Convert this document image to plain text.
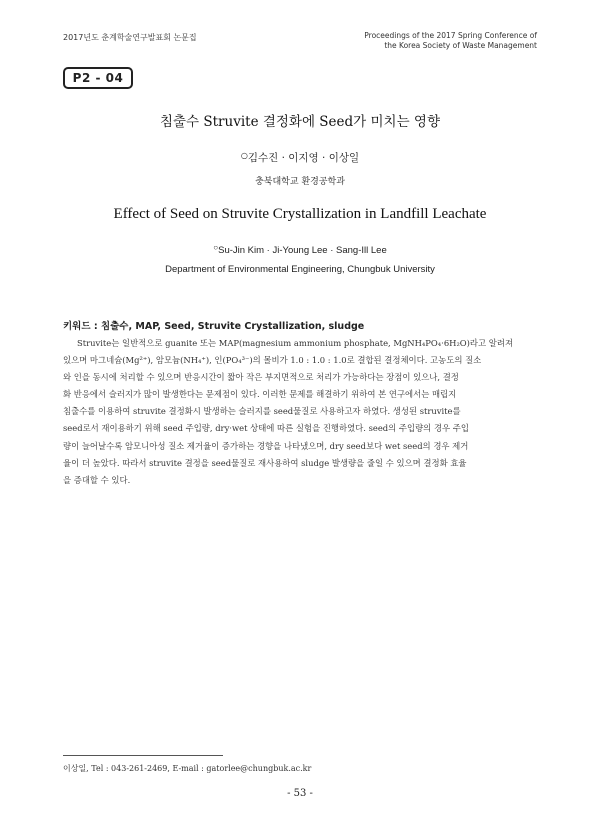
2017년도 춘계학술연구발표회 논문집	Proceedings of the 2017 Spring Conference of
the Korea Society of Waste Management
P2 - 04
침출수 Struvite 결정화에 Seed가 미치는 영향
○김수진 · 이지영 · 이상일
충북대학교 환경공학과
Effect of Seed on Struvite Crystallization in Landfill Leachate
○Su-Jin Kim · Ji-Young Lee · Sang-Ill Lee
Department of Environmental Engineering, Chungbuk University
키워드 : 침출수, MAP, Seed, Struvite Crystallization, sludge
Struvite는 일반적으로 guanite 또는 MAP(magnesium ammonium phosphate, MgNH₄PO₄·6H₂O)라고 알려져
있으며 마그네슘(Mg²⁺), 암모늄(NH₄⁺), 인(PO₄³⁻)의 몰비가 1.0 : 1.0 : 1.0로 결합된 결정체이다. 고농도의 질소
와 인을 동시에 처리할 수 있으며 반응시간이 짧아 작은 부지면적으로 처리가 가능하다는 장점이 있으나, 결정
화 반응에서 슬러지가 많이 발생한다는 문제점이 있다. 이러한 문제를 해결하기 위하여 본 연구에서는 매립지
침출수를 이용하여 struvite 결정화시 발생하는 슬러지를 seed물질로 사용하고자 하였다. 생성된 struvite를
seed로서 재이용하기 위해 seed 주입량, dry·wet 상태에 따른 실험을 진행하였다. seed의 주입량의 경우 주입
량이 늘어날수록 암모니아성 질소 제거율이 증가하는 경향을 나타냈으며, dry seed보다 wet seed의 경우 제거
율이 더 높았다. 따라서 struvite 결정을 seed물질로 재사용하여 sludge 발생량을 줄일 수 있으며 결정화 효율
을 증대할 수 있다.
이상일, Tel : 043-261-2469, E-mail : gatorlee@chungbuk.ac.kr
- 53 -
